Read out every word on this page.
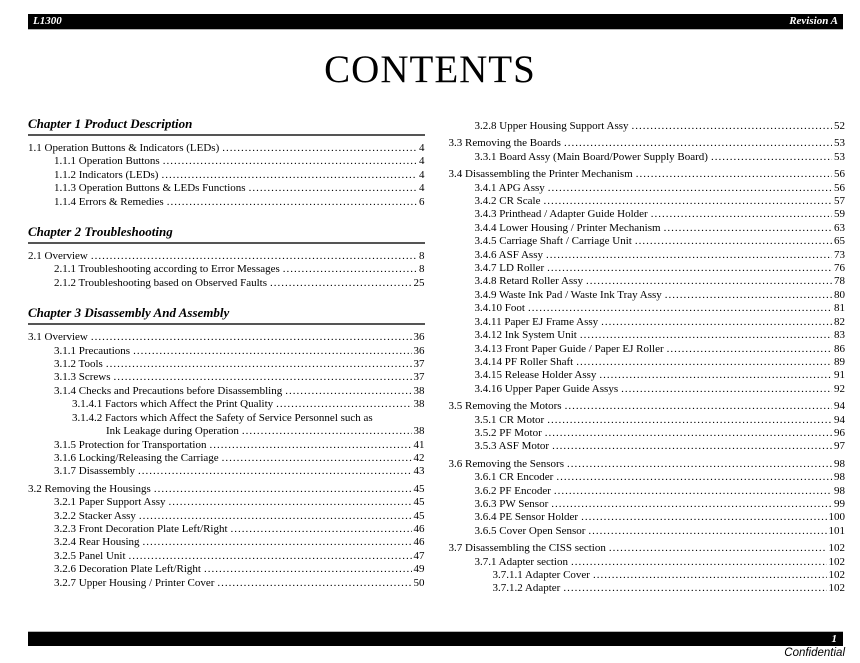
L1300	Revision A
CONTENTS
Chapter 1 Product Description
1.1 Operation Buttons & Indicators (LEDs) .....	4
1.1.1 Operation Buttons .....	4
1.1.2 Indicators (LEDs) .....	4
1.1.3 Operation Buttons & LEDs Functions .....	4
1.1.4 Errors & Remedies .....	6
Chapter 2 Troubleshooting
2.1 Overview .....	8
2.1.1 Troubleshooting according to Error Messages .....	8
2.1.2 Troubleshooting based on Observed Faults .....	25
Chapter 3 Disassembly And Assembly
3.1 Overview .....	36
3.1.1 Precautions .....	36
3.1.2 Tools .....	37
3.1.3 Screws .....	37
3.1.4 Checks and Precautions before Disassembling .....	38
3.1.4.1 Factors which Affect the Print Quality .....	38
3.1.4.2 Factors which Affect the Safety of Service Personnel such as
Ink Leakage during Operation .....	38
3.1.5 Protection for Transportation .....	41
3.1.6 Locking/Releasing the Carriage .....	42
3.1.7 Disassembly .....	43
3.2 Removing the Housings .....	45
3.2.1 Paper Support Assy .....	45
3.2.2 Stacker Assy .....	45
3.2.3 Front Decoration Plate Left/Right .....	46
3.2.4 Rear Housing .....	46
3.2.5 Panel Unit .....	47
3.2.6 Decoration Plate Left/Right .....	49
3.2.7 Upper Housing / Printer Cover .....	50
3.2.8 Upper Housing Support Assy .....	52
3.3 Removing the Boards .....	53
3.3.1 Board Assy (Main Board/Power Supply Board) .....	53
3.4 Disassembling the Printer Mechanism .....	56
3.4.1 APG Assy .....	56
3.4.2 CR Scale .....	57
3.4.3 Printhead / Adapter Guide Holder .....	59
3.4.4 Lower Housing / Printer Mechanism .....	63
3.4.5 Carriage Shaft / Carriage Unit .....	65
3.4.6 ASF Assy .....	73
3.4.7 LD Roller .....	76
3.4.8 Retard Roller Assy .....	78
3.4.9 Waste Ink Pad / Waste Ink Tray Assy .....	80
3.4.10 Foot .....	81
3.4.11 Paper EJ Frame Assy .....	82
3.4.12 Ink System Unit .....	83
3.4.13 Front Paper Guide / Paper EJ Roller .....	86
3.4.14 PF Roller Shaft .....	89
3.4.15 Release Holder Assy .....	91
3.4.16 Upper Paper Guide Assys .....	92
3.5 Removing the Motors .....	94
3.5.1 CR Motor .....	94
3.5.2 PF Motor .....	96
3.5.3 ASF Motor .....	97
3.6 Removing the Sensors .....	98
3.6.1 CR Encoder .....	98
3.6.2 PF Encoder .....	98
3.6.3 PW Sensor .....	99
3.6.4 PE Sensor Holder .....	100
3.6.5 Cover Open Sensor .....	101
3.7 Disassembling the CISS section .....	102
3.7.1 Adapter section .....	102
3.7.1.1 Adapter Cover .....	102
3.7.1.2 Adapter .....	102
1
Confidential
